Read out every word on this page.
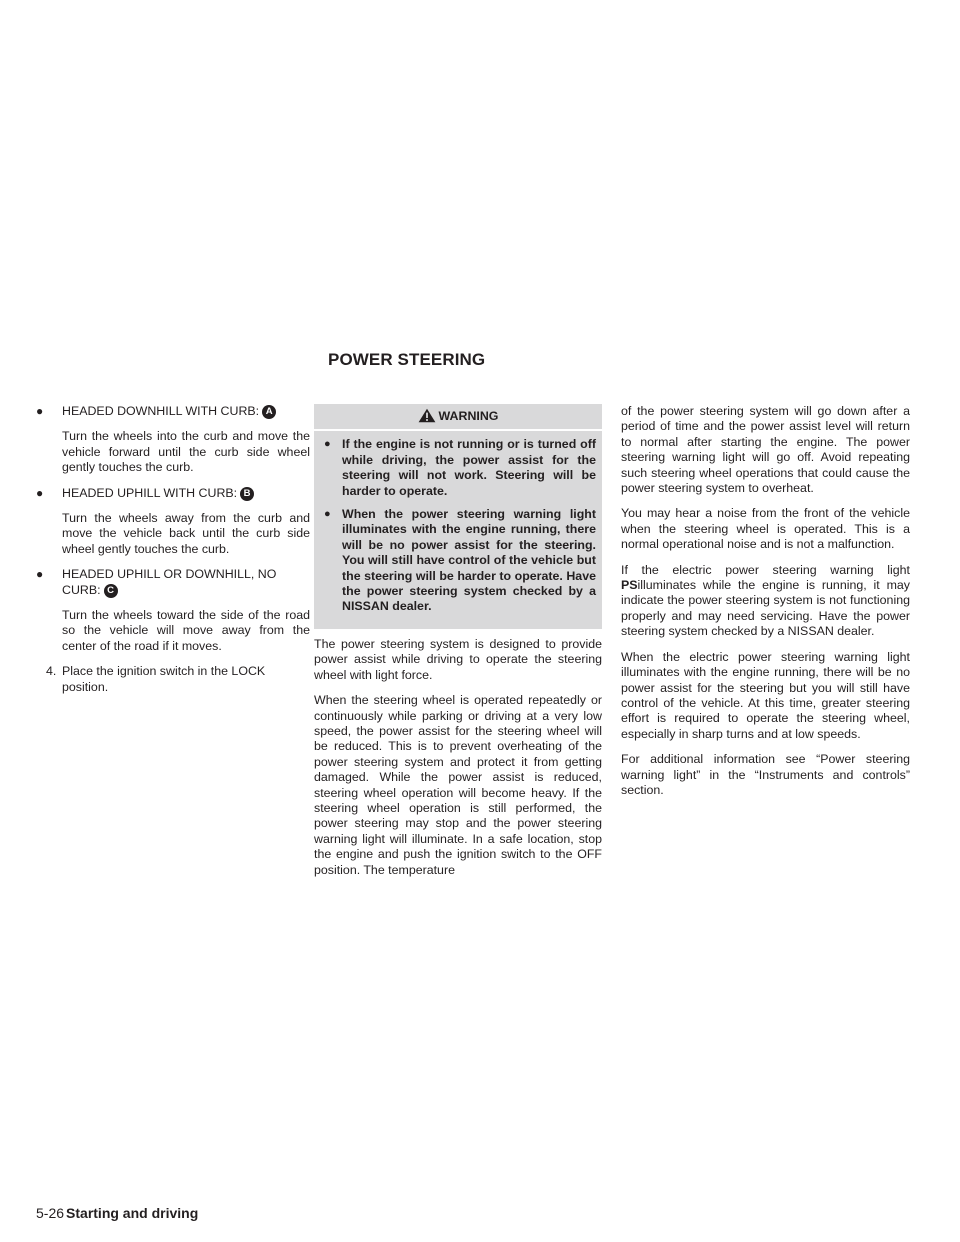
POWER STEERING
● HEADED DOWNHILL WITH CURB: A

Turn the wheels into the curb and move the vehicle forward until the curb side wheel gently touches the curb.

● HEADED UPHILL WITH CURB: B

Turn the wheels away from the curb and move the vehicle back until the curb side wheel gently touches the curb.

● HEADED UPHILL OR DOWNHILL, NO CURB: C

Turn the wheels toward the side of the road so the vehicle will move away from the center of the road if it moves.

4. Place the ignition switch in the LOCK position.

WARNING
● If the engine is not running or is turned off while driving, the power assist for the steering will not work. Steering will be harder to operate.
● When the power steering warning light illuminates with the engine running, there will be no power assist for the steering. You will still have control of the vehicle but the steering will be harder to operate. Have the power steering system checked by a NISSAN dealer.

The power steering system is designed to provide power assist while driving to operate the steering wheel with light force.

When the steering wheel is operated repeatedly or continuously while parking or driving at a very low speed, the power assist for the steering wheel will be reduced. This is to prevent overheating of the power steering system and protect it from getting damaged. While the power assist is reduced, steering wheel operation will become heavy. If the steering wheel operation is still performed, the power steering may stop and the power steering warning light will illuminate. In a safe location, stop the engine and push the ignition switch to the OFF position. The temperature

of the power steering system will go down after a period of time and the power assist level will return to normal after starting the engine. The power steering warning light will go off. Avoid repeating such steering wheel operations that could cause the power steering system to overheat.

You may hear a noise from the front of the vehicle when the steering wheel is operated. This is a normal operational noise and is not a malfunction.

If the electric power steering warning light PSilluminates while the engine is running, it may indicate the power steering system is not functioning properly and may need servicing. Have the power steering system checked by a NISSAN dealer.

When the electric power steering warning light illuminates with the engine running, there will be no power assist for the steering but you will still have control of the vehicle. At this time, greater steering effort is required to operate the steering wheel, especially in sharp turns and at low speeds.

For additional information see “Power steering warning light” in the “Instruments and controls” section.

5-26 Starting and driving
